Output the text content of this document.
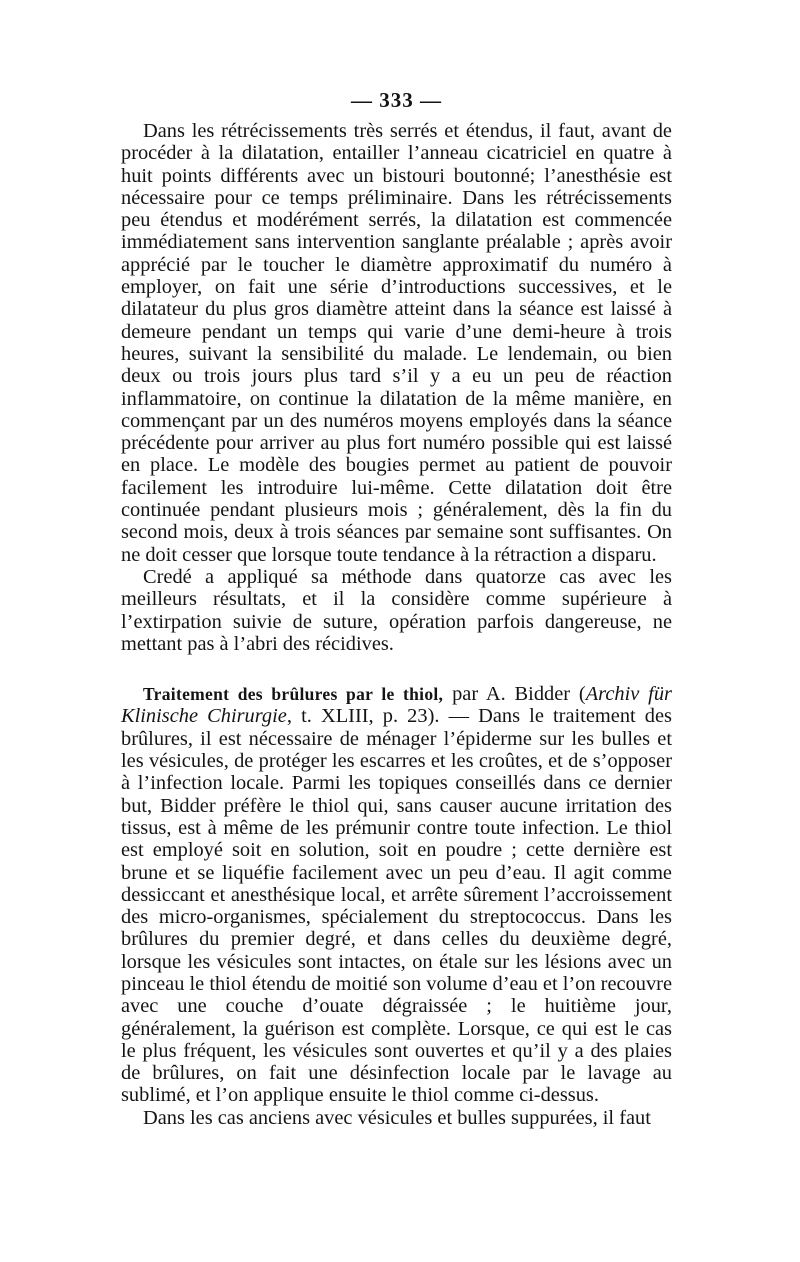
— 333 —

Dans les rétrécissements très serrés et étendus, il faut, avant de procéder à la dilatation, entailler l’anneau cicatriciel en quatre à huit points différents avec un bistouri boutonné; l’anesthésie est nécessaire pour ce temps préliminaire. Dans les rétrécissements peu étendus et modérément serrés, la dilatation est commencée immédiatement sans intervention sanglante préalable ; après avoir apprécié par le toucher le diamètre approximatif du numéro à employer, on fait une série d’introductions successives, et le dilatateur du plus gros diamètre atteint dans la séance est laissé à demeure pendant un temps qui varie d’une demi-heure à trois heures, suivant la sensibilité du malade. Le lendemain, ou bien deux ou trois jours plus tard s’il y a eu un peu de réaction inflammatoire, on continue la dilatation de la même manière, en commençant par un des numéros moyens employés dans la séance précédente pour arriver au plus fort numéro possible qui est laissé en place. Le modèle des bougies permet au patient de pouvoir facilement les introduire lui-même. Cette dilatation doit être continuée pendant plusieurs mois ; généralement, dès la fin du second mois, deux à trois séances par semaine sont suffisantes. On ne doit cesser que lorsque toute tendance à la rétraction a disparu.

Credé a appliqué sa méthode dans quatorze cas avec les meilleurs résultats, et il la considère comme supérieure à l’extirpation suivie de suture, opération parfois dangereuse, ne mettant pas à l’abri des récidives.

Traitement des brûlures par le thiol, par A. Bidder (Archiv für Klinische Chirurgie, t. XLIII, p. 23). — Dans le traitement des brûlures, il est nécessaire de ménager l’épiderme sur les bulles et les vésicules, de protéger les escarres et les croûtes, et de s’opposer à l’infection locale. Parmi les topiques conseillés dans ce dernier but, Bidder préfère le thiol qui, sans causer aucune irritation des tissus, est à même de les prémunir contre toute infection. Le thiol est employé soit en solution, soit en poudre ; cette dernière est brune et se liquéfie facilement avec un peu d’eau. Il agit comme dessiccant et anesthésique local, et arrête sûrement l’accroissement des micro-organismes, spécialement du streptococcus. Dans les brûlures du premier degré, et dans celles du deuxième degré, lorsque les vésicules sont intactes, on étale sur les lésions avec un pinceau le thiol étendu de moitié son volume d’eau et l’on recouvre avec une couche d’ouate dégraissée ; le huitième jour, généralement, la guérison est complète. Lorsque, ce qui est le cas le plus fréquent, les vésicules sont ouvertes et qu’il y a des plaies de brûlures, on fait une désinfection locale par le lavage au sublimé, et l’on applique ensuite le thiol comme ci-dessus.

Dans les cas anciens avec vésicules et bulles suppurées, il faut
